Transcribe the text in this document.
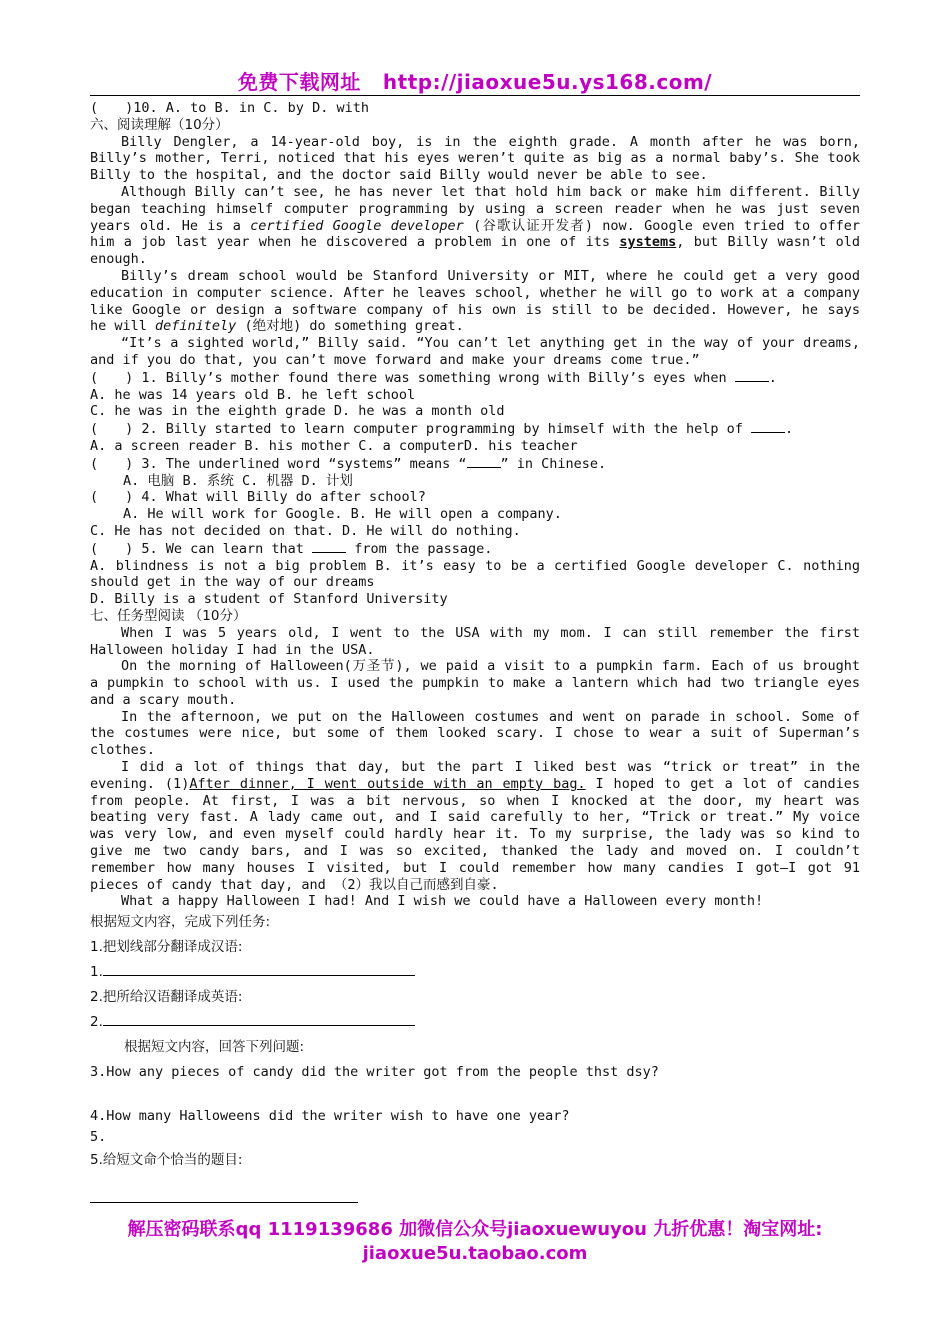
免费下载网址 http://jiaoxue5u.ys168.com/

(　　)10. A. to B. in C. by D. with

六、阅读理解（10分）

Billy Dengler, a 14-year-old boy, is in the eighth grade. A month after he was born, Billy’s mother, Terri, noticed that his eyes weren’t quite as big as a normal baby’s. She took Billy to the hospital, and the doctor said Billy would never be able to see.

Although Billy can’t see, he has never let that hold him back or make him different. Billy began teaching himself computer programming by using a screen reader when he was just seven years old. He is a certified Google developer (谷歌认证开发者) now. Google even tried to offer him a job last year when he discovered a problem in one of its systems, but Billy wasn’t old enough.

Billy’s dream school would be Stanford University or MIT, where he could get a very good education in computer science. After he leaves school, whether he will go to work at a company like Google or design a software company of his own is still to be decided. However, he says he will definitely (绝对地) do something great.

“It’s a sighted world,” Billy said. “You can’t let anything get in the way of your dreams, and if you do that, you can’t move forward and make your dreams come true.”

(　　) 1. Billy’s mother found there was something wrong with Billy’s eyes when	.

A. he was 14 years old B. he left school

C. he was in the eighth grade D. he was a month old

(　　) 2. Billy started to learn computer programming by himself with the help of	.

A. a screen reader B. his mother C. a computerD. his teacher

(　　) 3. The underlined word “systems” means “	” in Chinese.

A. 电脑 B. 系统 C. 机器 D. 计划

(　　) 4. What will Billy do after school?

A. He will work for Google. B. He will open a company.

C. He has not decided on that. D. He will do nothing.

(　　) 5. We can learn that	from the passage.

A. blindness is not a big problem B. it’s easy to be a certified Google developer C. nothing should get in the way of our dreams

D. Billy is a student of Stanford University

七、任务型阅读 （10分）

When I was 5 years old, I went to the USA with my mom. I can still remember the first Halloween holiday I had in the USA.

On the morning of Halloween(万圣节), we paid a visit to a pumpkin farm. Each of us brought a pumpkin to school with us. I used the pumpkin to make a lantern which had two triangle eyes and a scary mouth.

In the afternoon, we put on the Halloween costumes and went on parade in school. Some of the costumes were nice, but some of them looked scary. I chose to wear a suit of Superman’s clothes.

I did a lot of things that day, but the part I liked best was “trick or treat” in the evening. (1)After dinner, I went outside with an empty bag. I hoped to get a lot of candies from people. At first, I was a bit nervous, so when I knocked at the door, my heart was beating very fast. A lady came out, and I said carefully to her, “Trick or treat.” My voice was very low, and even myself could hardly hear it. To my surprise, the lady was so kind to give me two candy bars, and I was so excited, thanked the lady and moved on. I couldn’t remember how many houses I visited, but I could remember how many candies I got—I got 91 pieces of candy that day, and （2）我以自己而感到自豪.

What a happy Halloween I had! And I wish we could have a Halloween every month!

根据短文内容，完成下列任务:

1.把划线部分翻译成汉语:

1.

2.把所给汉语翻译成英语:

2.

根据短文内容，回答下列问题:

3.How any pieces of candy did the writer got from the people thst dsy?

4.How many Halloweens did the writer wish to have one year?

5.

5.给短文命个恰当的题目:

解压密码联系qq 1119139686 加微信公众号jiaoxuewuyou 九折优惠！淘宝网址:
jiaoxue5u.taobao.com
